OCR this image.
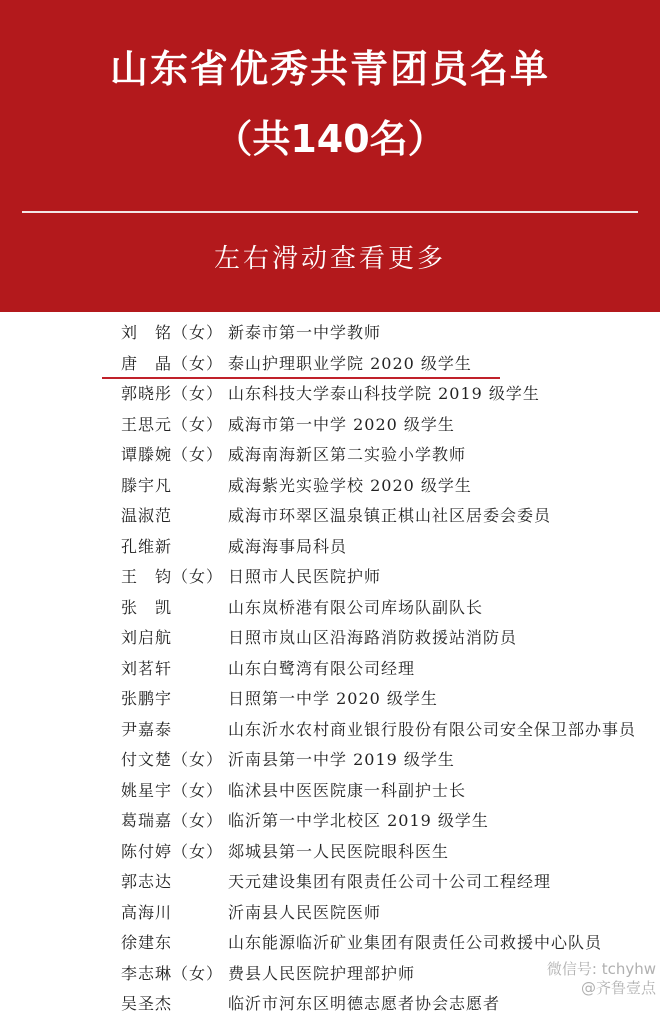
山东省优秀共青团员名单
（共140名）
左右滑动查看更多
刘　铭（女） 新泰市第一中学教师
唐　晶（女） 泰山护理职业学院 2020 级学生
郭晓彤（女） 山东科技大学泰山科技学院 2019 级学生
王思元（女） 威海市第一中学 2020 级学生
谭滕婉（女） 威海南海新区第二实验小学教师
滕宇凡	威海紫光实验学校 2020 级学生
温淑范	威海市环翠区温泉镇正棋山社区居委会委员
孔维新	威海海事局科员
王　钧（女） 日照市人民医院护师
张　凯	山东岚桥港有限公司库场队副队长
刘启航	日照市岚山区沿海路消防救援站消防员
刘茗轩	山东白鹭湾有限公司经理
张鹏宇	日照第一中学 2020 级学生
尹嘉泰	山东沂水农村商业银行股份有限公司安全保卫部办事员
付文楚（女） 沂南县第一中学 2019 级学生
姚星宇（女） 临沭县中医医院康一科副护士长
葛瑞嘉（女） 临沂第一中学北校区 2019 级学生
陈付婷（女） 郯城县第一人民医院眼科医生
郭志达	天元建设集团有限责任公司十公司工程经理
高海川	沂南县人民医院医师
徐建东	山东能源临沂矿业集团有限责任公司救援中心队员
李志琳（女） 费县人民医院护理部护师
吴圣杰	临沂市河东区明德志愿者协会志愿者
微信号: tchyhw
@齐鲁壹点
